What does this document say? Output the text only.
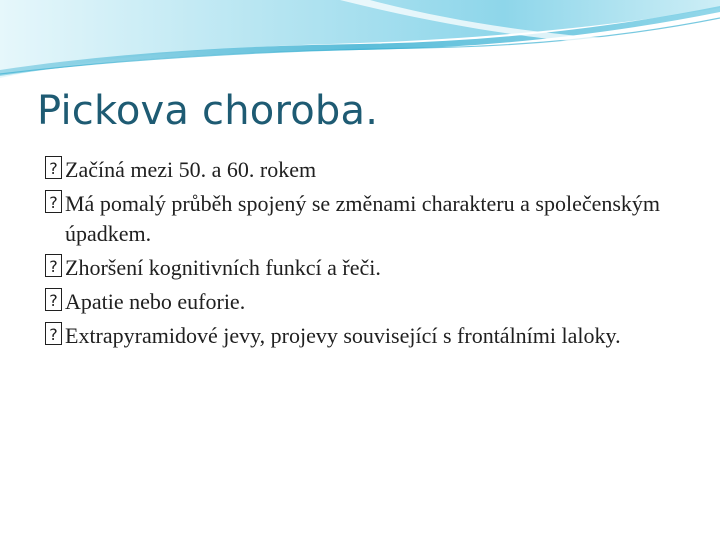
Pickova choroba.
? Začíná mezi 50. a 60. rokem
? Má pomalý průběh spojený se změnami charakteru a společenským úpadkem.
? Zhoršení kognitivních funkcí a řeči.
? Apatie nebo euforie.
? Extrapyramidové jevy, projevy související s frontálními laloky.
